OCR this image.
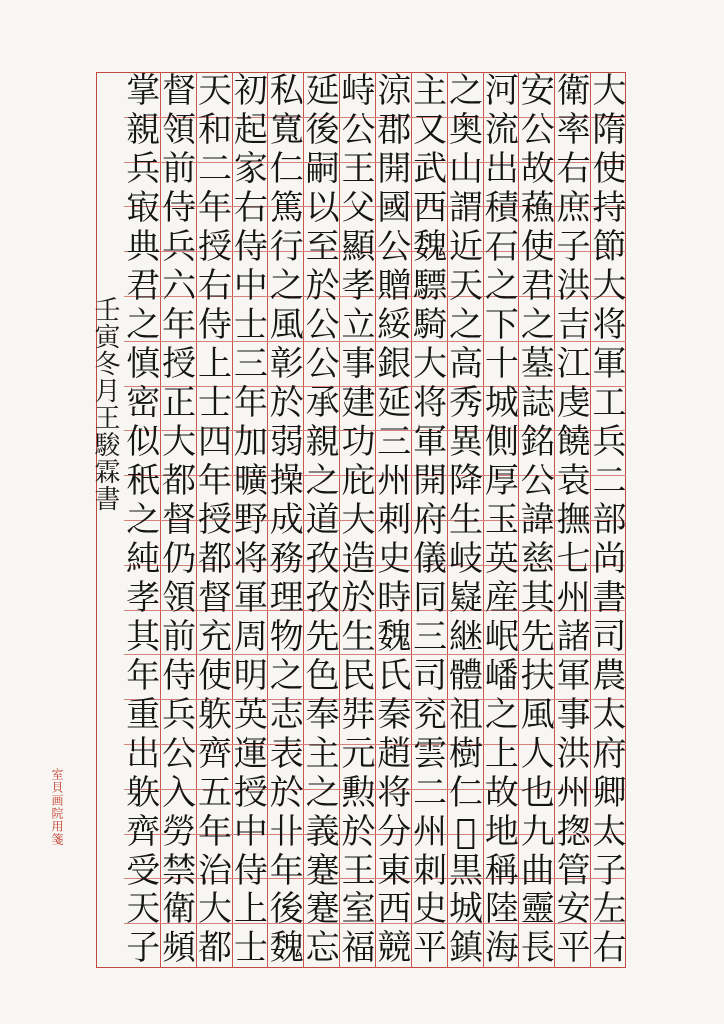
大
隋
使
持
節
大
将
軍
工
兵
二
部
尚
書
司
農
太
府
卿
太
子
左
右
衛
率
右
庶
子
洪
吉
江
虔
饒
袁
撫
七
州
諸
軍
事
洪
州
揔
管
安
平
安
公
故
蘓
使
君
之
墓
誌
銘
公
諱
慈
其
先
扶
風
人
也
九
曲
靈
長
河
流
出
積
石
之
下
十
城
側
厚
玉
英
産
岷
嶓
之
上
故
地
稱
陸
海
之
奥
山
謂
近
天
之
高
秀
異
降
生
岐
嶷
継
體
祖
樹
仁
𩲸
黒
城
鎮
主
又
武
西
魏
驃
騎
大
将
軍
開
府
儀
同
三
司
兖
雲
二
州
刺
史
平
涼
郡
開
國
公
贈
綏
銀
延
三
州
刺
史
時
魏
氏
秦
趙
将
分
東
西
競
峙
公
王
父
顯
孝
立
事
建
功
庇
大
造
於
生
民
弉
元
勲
於
王
室
福
延
後
嗣
以
至
於
公
公
承
親
之
道
孜
孜
先
色
奉
主
之
義
蹇
蹇
忘
私
寬
仁
篤
行
之
風
彰
於
弱
操
成
務
理
物
之
志
表
於
卝
年
後
魏
初
起
家
右
侍
中
士
三
年
加
曠
野
将
軍
周
明
英
運
授
中
侍
上
士
天
和
二
年
授
右
侍
上
士
四
年
授
都
督
充
使
䠶
齊
五
年
治
大
都
督
領
前
侍
兵
六
年
授
正
大
都
督
仍
領
前
侍
兵
公
入
勞
禁
衛
頻
掌
親
兵
㝡
典
君
之
慎
密
似
秖
之
純
孝
其
年
重
出
䠶
齊
受
天
子
壬寅冬月王駿霖書
室貝画院用箋
